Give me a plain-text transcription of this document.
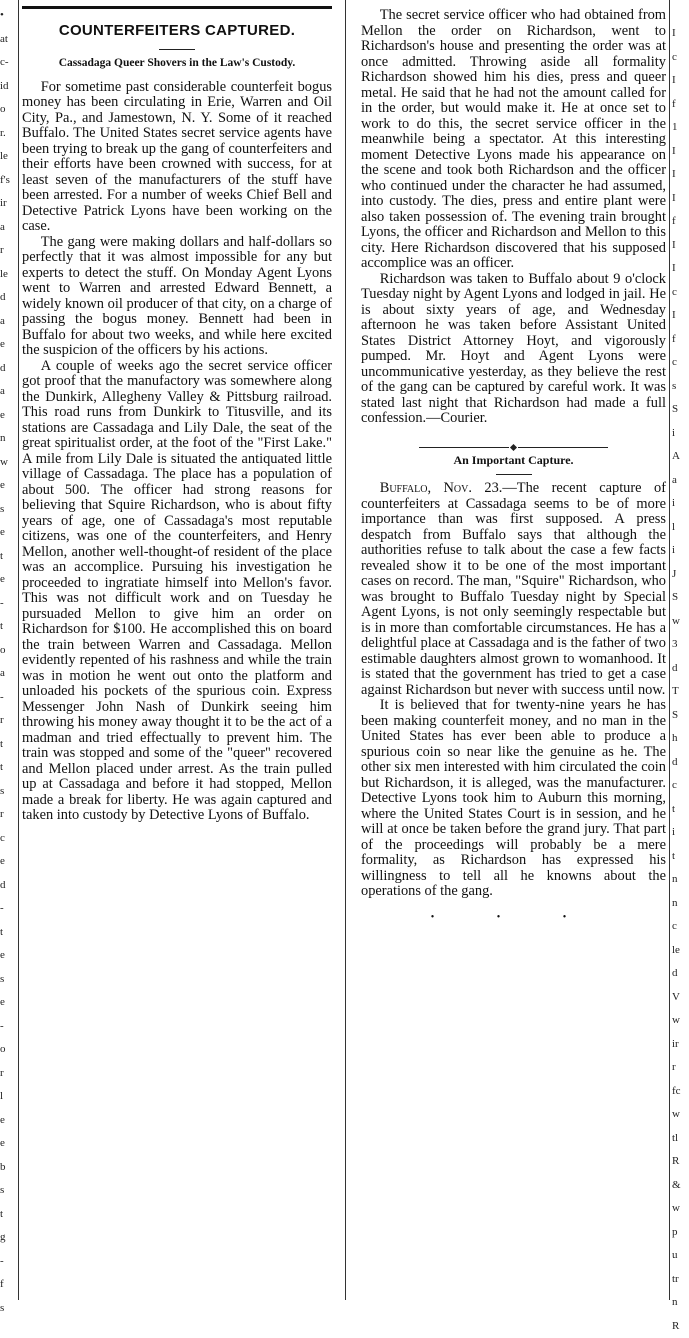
•
at
c-
id
o
r.
le
f's
ir
a
r
le
d
a
e
d
a
e
n
w
e
s
e
t
e
-
t
o
a
-
r
t
t
s
r
c
e
d
-
t
e
s
e
-
o
r
l
e
e
b
s
t
g
-
f
s
COUNTERFEITERS CAPTURED.
Cassadaga Queer Shovers in the Law's Custody.

For sometime past considerable counterfeit bogus money has been circulating in Erie, Warren and Oil City, Pa., and Jamestown, N. Y. Some of it reached Buffalo. The United States secret service agents have been trying to break up the gang of counterfeiters and their efforts have been crowned with success, for at least seven of the manufacturers of the stuff have been arrested. For a number of weeks Chief Bell and Detective Patrick Lyons have been working on the case.

The gang were making dollars and half-dollars so perfectly that it was almost impossible for any but experts to detect the stuff. On Monday Agent Lyons went to Warren and arrested Edward Bennett, a widely known oil producer of that city, on a charge of passing the bogus money. Bennett had been in Buffalo for about two weeks, and while here excited the suspicion of the officers by his actions.

A couple of weeks ago the secret service officer got proof that the manufactory was somewhere along the Dunkirk, Allegheny Valley & Pittsburg railroad. This road runs from Dunkirk to Titusville, and its stations are Cassadaga and Lily Dale, the seat of the great spiritualist order, at the foot of the "First Lake." A mile from Lily Dale is situated the antiquated little village of Cassadaga. The place has a population of about 500. The officer had strong reasons for believing that Squire Richardson, who is about fifty years of age, one of Cassadaga's most reputable citizens, was one of the counterfeiters, and Henry Mellon, another well-thought-of resident of the place was an accomplice. Pursuing his investigation he proceeded to ingratiate himself into Mellon's favor. This was not difficult work and on Tuesday he pursuaded Mellon to give him an order on Richardson for $100. He accomplished this on board the train between Warren and Cassadaga. Mellon evidently repented of his rashness and while the train was in motion he went out onto the platform and unloaded his pockets of the spurious coin. Express Messenger John Nash of Dunkirk seeing him throwing his money away thought it to be the act of a madman and tried effectually to prevent him. The train was stopped and some of the "queer" recovered and Mellon placed under arrest. As the train pulled up at Cassadaga and before it had stopped, Mellon made a break for liberty. He was again captured and taken into custody by Detective Lyons of Buffalo.

The secret service officer who had obtained from Mellon the order on Richardson, went to Richardson's house and presenting the order was at once admitted. Throwing aside all formality Richardson showed him his dies, press and queer metal. He said that he had not the amount called for in the order, but would make it. He at once set to work to do this, the secret service officer in the meanwhile being a spectator. At this interesting moment Detective Lyons made his appearance on the scene and took both Richardson and the officer who continued under the character he had assumed, into custody. The dies, press and entire plant were also taken possession of. The evening train brought Lyons, the officer and Richardson and Mellon to this city. Here Richardson discovered that his supposed accomplice was an officer.

Richardson was taken to Buffalo about 9 o'clock Tuesday night by Agent Lyons and lodged in jail. He is about sixty years of age, and Wednesday afternoon he was taken before Assistant United States District Attorney Hoyt, and vigorously pumped. Mr. Hoyt and Agent Lyons were uncommunicative yesterday, as they believe the rest of the gang can be captured by careful work. It was stated last night that Richardson had made a full confession.—Courier.

An Important Capture.

Buffalo, Nov. 23.—The recent capture of counterfeiters at Cassadaga seems to be of more importance than was first supposed. A press despatch from Buffalo says that although the authorities refuse to talk about the case a few facts revealed show it to be one of the most important cases on record. The man, "Squire" Richardson, who was brought to Buffalo Tuesday night by Special Agent Lyons, is not only seemingly respectable but is in more than comfortable circumstances. He has a delightful place at Cassadaga and is the father of two estimable daughters almost grown to womanhood. It is stated that the government has tried to get a case against Richardson but never with success until now.

It is believed that for twenty-nine years he has been making counterfeit money, and no man in the United States has ever been able to produce a spurious coin so near like the genuine as he. The other six men interested with him circulated the coin but Richardson, it is alleged, was the manufacturer. Detective Lyons took him to Auburn this morning, where the United States Court is in session, and he will at once be taken before the grand jury. That part of the proceedings will probably be a mere formality, as Richardson has expressed his willingness to tell all he knowns about the operations of the gang.

• • •
I
c
I
f
1
I
I
I
f
I
I
c
I
f
c
s
S
i
A
a
i
l
i
J
S
w
3
d
T
S
h
d
c
t
i
t
n
n
c
le
d
V
w
ir
r
fc
w
tl
R
&
w
p
u
tr
n
R
